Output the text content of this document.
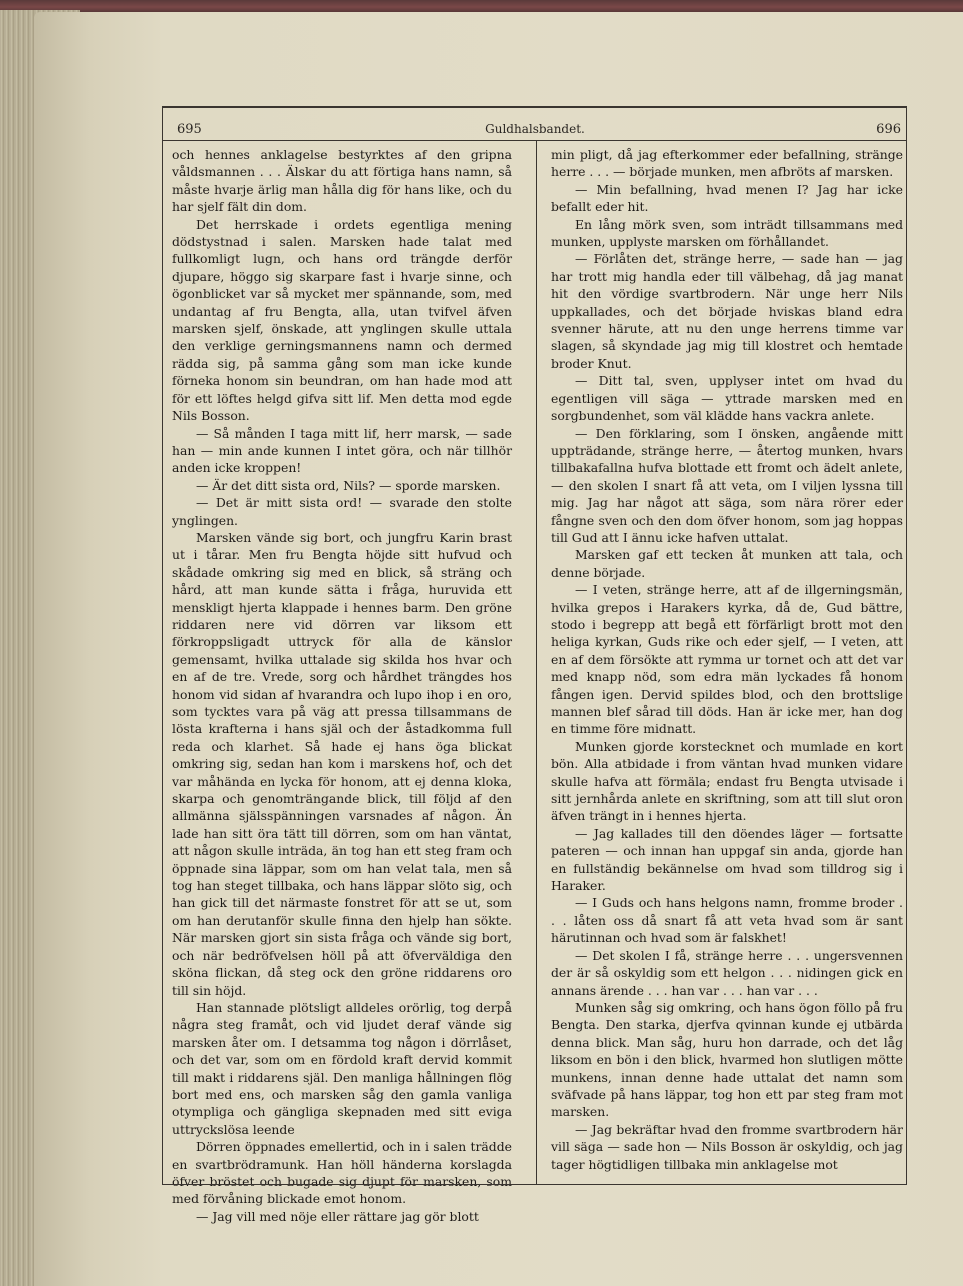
695	Guldhalsbandet.	696

och hennes anklagelse bestyrktes af den gripna våldsmannen . . . Älskar du att förtiga hans namn, så måste hvarje ärlig man hålla dig för hans like, och du har sjelf fält din dom.

Det herrskade i ordets egentliga mening dödstystnad i salen. Marsken hade talat med fullkomligt lugn, och hans ord trängde derför djupare, höggo sig skarpare fast i hvarje sinne, och ögonblicket var så mycket mer spännande, som, med undantag af fru Bengta, alla, utan tvifvel äfven marsken sjelf, önskade, att ynglingen skulle uttala den verklige gerningsmannens namn och dermed rädda sig, på samma gång som man icke kunde förneka honom sin beundran, om han hade mod att för ett löftes helgd gifva sitt lif. Men detta mod egde Nils Bosson.

— Så månden I taga mitt lif, herr marsk, — sade han — min ande kunnen I intet göra, och när tillhör anden icke kroppen!

— Är det ditt sista ord, Nils? — sporde marsken.

— Det är mitt sista ord! — svarade den stolte ynglingen.

Marsken vände sig bort, och jungfru Karin brast ut i tårar. Men fru Bengta höjde sitt hufvud och skådade omkring sig med en blick, så sträng och hård, att man kunde sätta i fråga, huruvida ett menskligt hjerta klappade i hennes barm. Den gröne riddaren nere vid dörren var liksom ett förkroppsligadt uttryck för alla de känslor gemensamt, hvilka uttalade sig skilda hos hvar och en af de tre. Vrede, sorg och hårdhet trängdes hos honom vid sidan af hvarandra och lupo ihop i en oro, som tycktes vara på väg att pressa tillsammans de lösta krafterna i hans själ och der åstadkomma full reda och klarhet. Så hade ej hans öga blickat omkring sig, sedan han kom i marskens hof, och det var måhända en lycka för honom, att ej denna kloka, skarpa och genomträngande blick, till följd af den allmänna själsspänningen varsnades af någon. Än lade han sitt öra tätt till dörren, som om han väntat, att någon skulle inträda, än tog han ett steg fram och öppnade sina läppar, som om han velat tala, men så tog han steget tillbaka, och hans läppar slöto sig, och han gick till det närmaste fonstret för att se ut, som om han derutanför skulle finna den hjelp han sökte. När marsken gjort sin sista fråga och vände sig bort, och när bedröfvelsen höll på att öfverväldiga den sköna flickan, då steg ock den gröne riddarens oro till sin höjd.

Han stannade plötsligt alldeles orörlig, tog derpå några steg framåt, och vid ljudet deraf vände sig marsken åter om. I detsamma tog någon i dörrlåset, och det var, som om en fördold kraft dervid kommit till makt i riddarens själ. Den manliga hållningen flög bort med ens, och marsken såg den gamla vanliga otympliga och gängliga skepnaden med sitt eviga uttryckslösa leende

Dörren öppnades emellertid, och in i salen trädde en svartbrödramunk. Han höll händerna korslagda öfver bröstet och bugade sig djupt för marsken, som med förvåning blickade emot honom.

— Jag vill med nöje eller rättare jag gör blott

min pligt, då jag efterkommer eder befallning, stränge herre . . . — började munken, men afbröts af marsken.

— Min befallning, hvad menen I? Jag har icke befallt eder hit.

En lång mörk sven, som inträdt tillsammans med munken, upplyste marsken om förhållandet.

— Förlåten det, stränge herre, — sade han — jag har trott mig handla eder till välbehag, då jag manat hit den vördige svartbrodern. När unge herr Nils uppkallades, och det började hviskas bland edra svenner härute, att nu den unge herrens timme var slagen, så skyndade jag mig till klostret och hemtade broder Knut.

— Ditt tal, sven, upplyser intet om hvad du egentligen vill säga — yttrade marsken med en sorgbundenhet, som väl klädde hans vackra anlete.

— Den förklaring, som I önsken, angående mitt uppträdande, stränge herre, — återtog munken, hvars tillbakafallna hufva blottade ett fromt och ädelt anlete, — den skolen I snart få att veta, om I viljen lyssna till mig. Jag har något att säga, som nära rörer eder fångne sven och den dom öfver honom, som jag hoppas till Gud att I ännu icke hafven uttalat.

Marsken gaf ett tecken åt munken att tala, och denne började.

— I veten, stränge herre, att af de illgerningsmän, hvilka grepos i Harakers kyrka, då de, Gud bättre, stodo i begrepp att begå ett förfärligt brott mot den heliga kyrkan, Guds rike och eder sjelf, — I veten, att en af dem försökte att rymma ur tornet och att det var med knapp nöd, som edra män lyckades få honom fången igen. Dervid spildes blod, och den brottslige mannen blef sårad till döds. Han är icke mer, han dog en timme före midnatt.

Munken gjorde korstecknet och mumlade en kort bön. Alla atbidade i from väntan hvad munken vidare skulle hafva att förmäla; endast fru Bengta utvisade i sitt jernhårda anlete en skriftning, som att till slut oron äfven trängt in i hennes hjerta.

— Jag kallades till den döendes läger — fortsatte pateren — och innan han uppgaf sin anda, gjorde han en fullständig bekännelse om hvad som tilldrog sig i Haraker.

— I Guds och hans helgons namn, fromme broder . . . låten oss då snart få att veta hvad som är sant härutinnan och hvad som är falskhet!

— Det skolen I få, stränge herre . . . ungersvennen der är så oskyldig som ett helgon . . . nidingen gick en annans ärende . . . han var . . . han var . . .

Munken såg sig omkring, och hans ögon föllo på fru Bengta. Den starka, djerfva qvinnan kunde ej utbärda denna blick. Man såg, huru hon darrade, och det låg liksom en bön i den blick, hvarmed hon slutligen mötte munkens, innan denne hade uttalat det namn som sväfvade på hans läppar, tog hon ett par steg fram mot marsken.

— Jag bekräftar hvad den fromme svartbrodern här vill säga — sade hon — Nils Bosson är oskyldig, och jag tager högtidligen tillbaka min anklagelse mot
